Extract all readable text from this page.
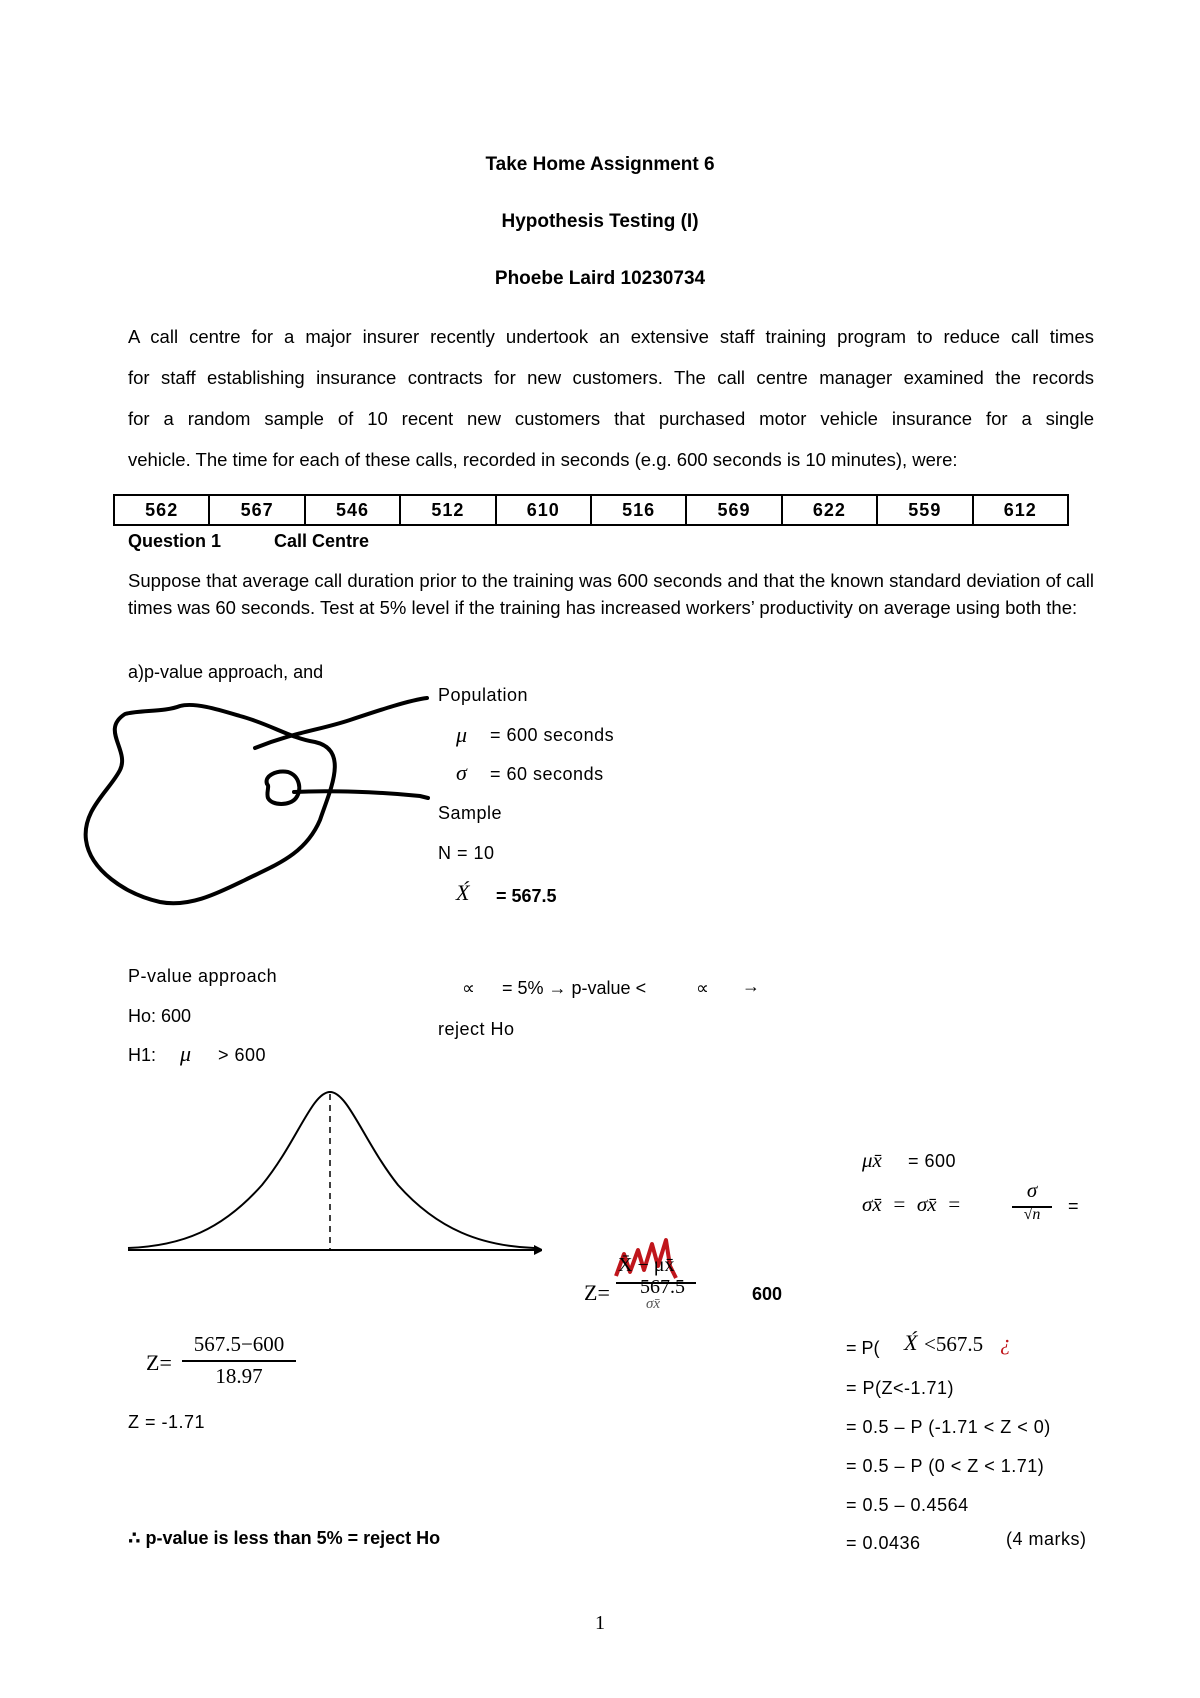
Take Home Assignment 6
Hypothesis Testing (I)
Phoebe Laird 10230734
A call centre for a major insurer recently undertook an extensive staff training program to reduce call times
for staff establishing insurance contracts for new customers. The call centre manager examined the records
for a random sample of 10 recent new customers that purchased motor vehicle insurance for a single
vehicle. The time for each of these calls, recorded in seconds (e.g. 600 seconds is 10 minutes), were:
562	567	546	512	610	516	569	622	559	612
Question 1	Call Centre
Suppose that average call duration prior to the training was 600 seconds and that the known standard deviation of call times was 60 seconds. Test at 5% level if the training has increased workers’ productivity on average using both the:
a)p-value approach, and
Population
μ = 600 seconds
σ = 60 seconds
Sample
N = 10
X́ = 567.5
P-value approach
Ho: 600
H1: μ > 600
∝ = 5% → p-value <	∝ →
reject Ho
μx̄ = 600
σx̄  =  σx̄  =
σ
√n	=
Z=
X̄ − μx̄
567.5
σx̄	600
Z=
567.5−600
18.97
Z = -1.71
∴ p-value is less than 5% = reject Ho
= P( X́ <567.5 ¿
= P(Z<-1.71)
= 0.5 – P (-1.71 < Z < 0)
= 0.5 – P (0 < Z < 1.71)
= 0.5 – 0.4564
= 0.0436	(4 marks)
1
